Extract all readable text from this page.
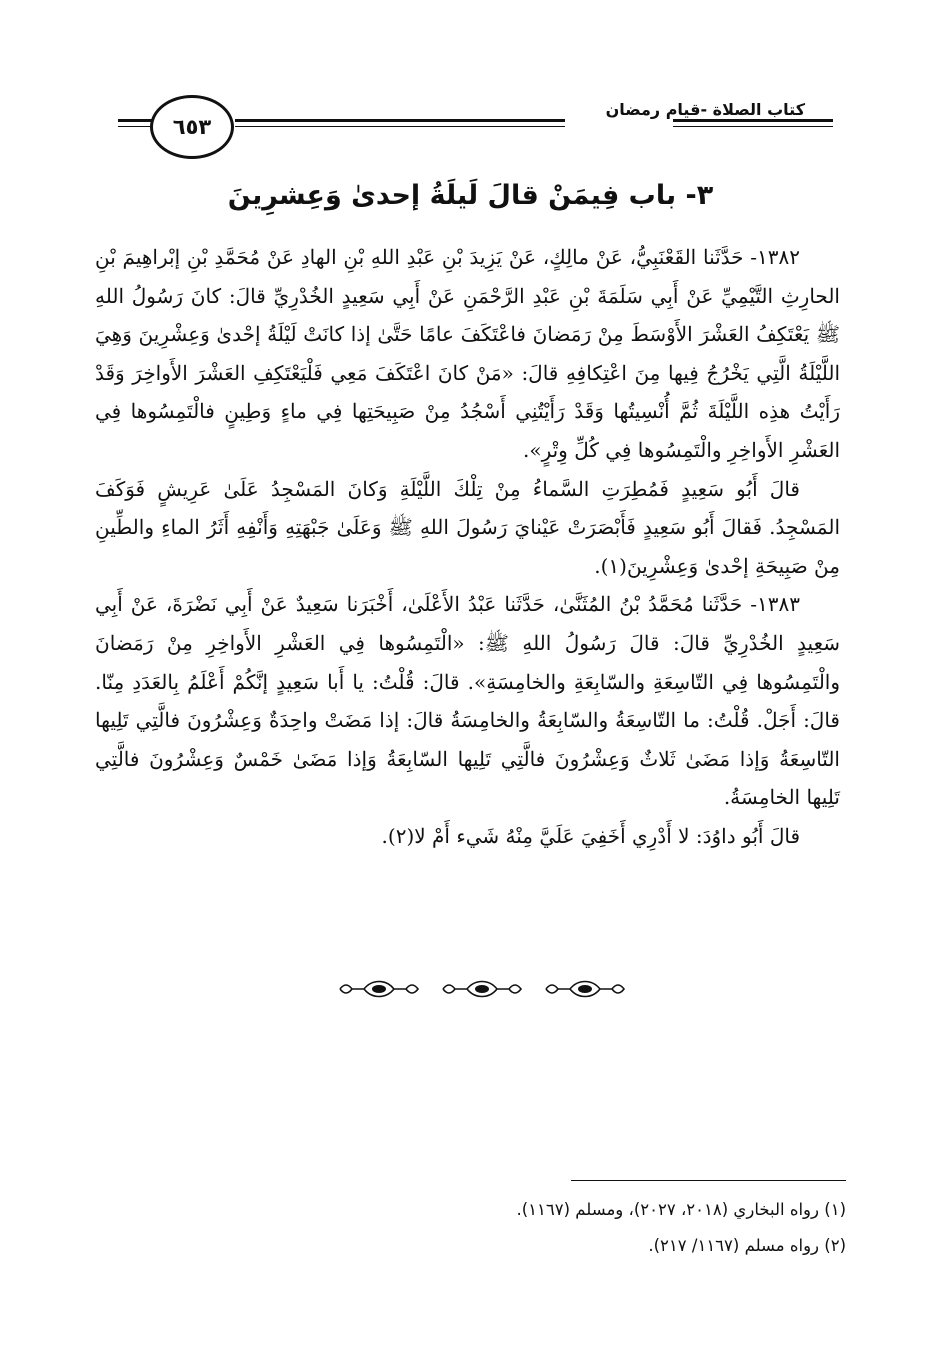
كتاب الصلاة -قيام رمضان
٦٥٣
٣- باب فِيمَنْ قالَ لَيلَةُ إحدىٰ وَعِشرِينَ

١٣٨٢- حَدَّثَنا القَعْنَبِيُّ، عَنْ مالِكٍ، عَنْ يَزِيدَ بْنِ عَبْدِ اللهِ بْنِ الهادِ عَنْ مُحَمَّدِ بْنِ إبْراهِيمَ بْنِ الحارِثِ التَّيْمِيِّ عَنْ أَبِي سَلَمَةَ بْنِ عَبْدِ الرَّحْمَنِ عَنْ أَبِي سَعِيدٍ الخُدْرِيِّ قالَ: كانَ رَسُولُ اللهِ ﷺ يَعْتَكِفُ العَشْرَ الأَوْسَطَ مِنْ رَمَضانَ فاعْتَكَفَ عامًا حَتَّىٰ إذا كانَتْ لَيْلَةُ إحْدىٰ وَعِشْرِينَ وَهِيَ اللَّيْلَةُ الَّتِي يَخْرُجُ فِيها مِنَ اعْتِكافِهِ قالَ: «مَنْ كانَ اعْتَكَفَ مَعِي فَلْيَعْتَكِفِ العَشْرَ الأَواخِرَ وَقَدْ رَأَيْتُ هذِه اللَّيْلَةَ ثُمَّ أُنْسِيتُها وَقَدْ رَأَيْتُنِي أَسْجُدُ مِنْ صَبِيحَتِها فِي ماءٍ وَطِينٍ فالْتَمِسُوها فِي العَشْرِ الأَواخِرِ والْتَمِسُوها فِي كُلِّ وِتْرٍ».

قالَ أَبُو سَعِيدٍ فَمُطِرَتِ السَّماءُ مِنْ تِلْكَ اللَّيْلَةِ وَكانَ المَسْجِدُ عَلَىٰ عَرِيشٍ فَوَكَفَ المَسْجِدُ. فَقالَ أَبُو سَعِيدٍ فَأَبْصَرَتْ عَيْنايَ رَسُولَ اللهِ ﷺ وَعَلَىٰ جَبْهَتِهِ وَأَنْفِهِ أَثَرُ الماءِ والطِّينِ مِنْ صَبِيحَةِ إحْدىٰ وَعِشْرِينَ(١).

١٣٨٣- حَدَّثَنا مُحَمَّدُ بْنُ المُثَنَّىٰ، حَدَّثَنا عَبْدُ الأَعْلَىٰ، أَخْبَرَنا سَعِيدٌ عَنْ أَبِي نَضْرَةَ، عَنْ أَبِي سَعِيدٍ الخُدْرِيِّ قالَ: قالَ رَسُولُ اللهِ ﷺ: «الْتَمِسُوها فِي العَشْرِ الأَواخِرِ مِنْ رَمَضانَ والْتَمِسُوها فِي التّاسِعَةِ والسّابِعَةِ والخامِسَةِ». قالَ: قُلْتُ: يا أَبا سَعِيدٍ إنَّكُمْ أَعْلَمُ بِالعَدَدِ مِنّا. قالَ: أَجَلْ. قُلْتُ: ما التّاسِعَةُ والسّابِعَةُ والخامِسَةُ قالَ: إذا مَضَتْ واحِدَةٌ وَعِشْرُونَ فالَّتِي تَلِيها التّاسِعَةُ وَإذا مَضَىٰ ثَلاثٌ وَعِشْرُونَ فالَّتِي تَلِيها السّابِعَةُ وَإذا مَضَىٰ خَمْسٌ وَعِشْرُونَ فالَّتِي تَلِيها الخامِسَةُ.

قالَ أَبُو داوُدَ: لا أَدْرِي أَخَفِيَ عَلَيَّ مِنْهُ شَيء أَمْ لا(٢).

(١) رواه البخاري (٢٠١٨، ٢٠٢٧)، ومسلم (١١٦٧).
(٢) رواه مسلم (١١٦٧/ ٢١٧).
